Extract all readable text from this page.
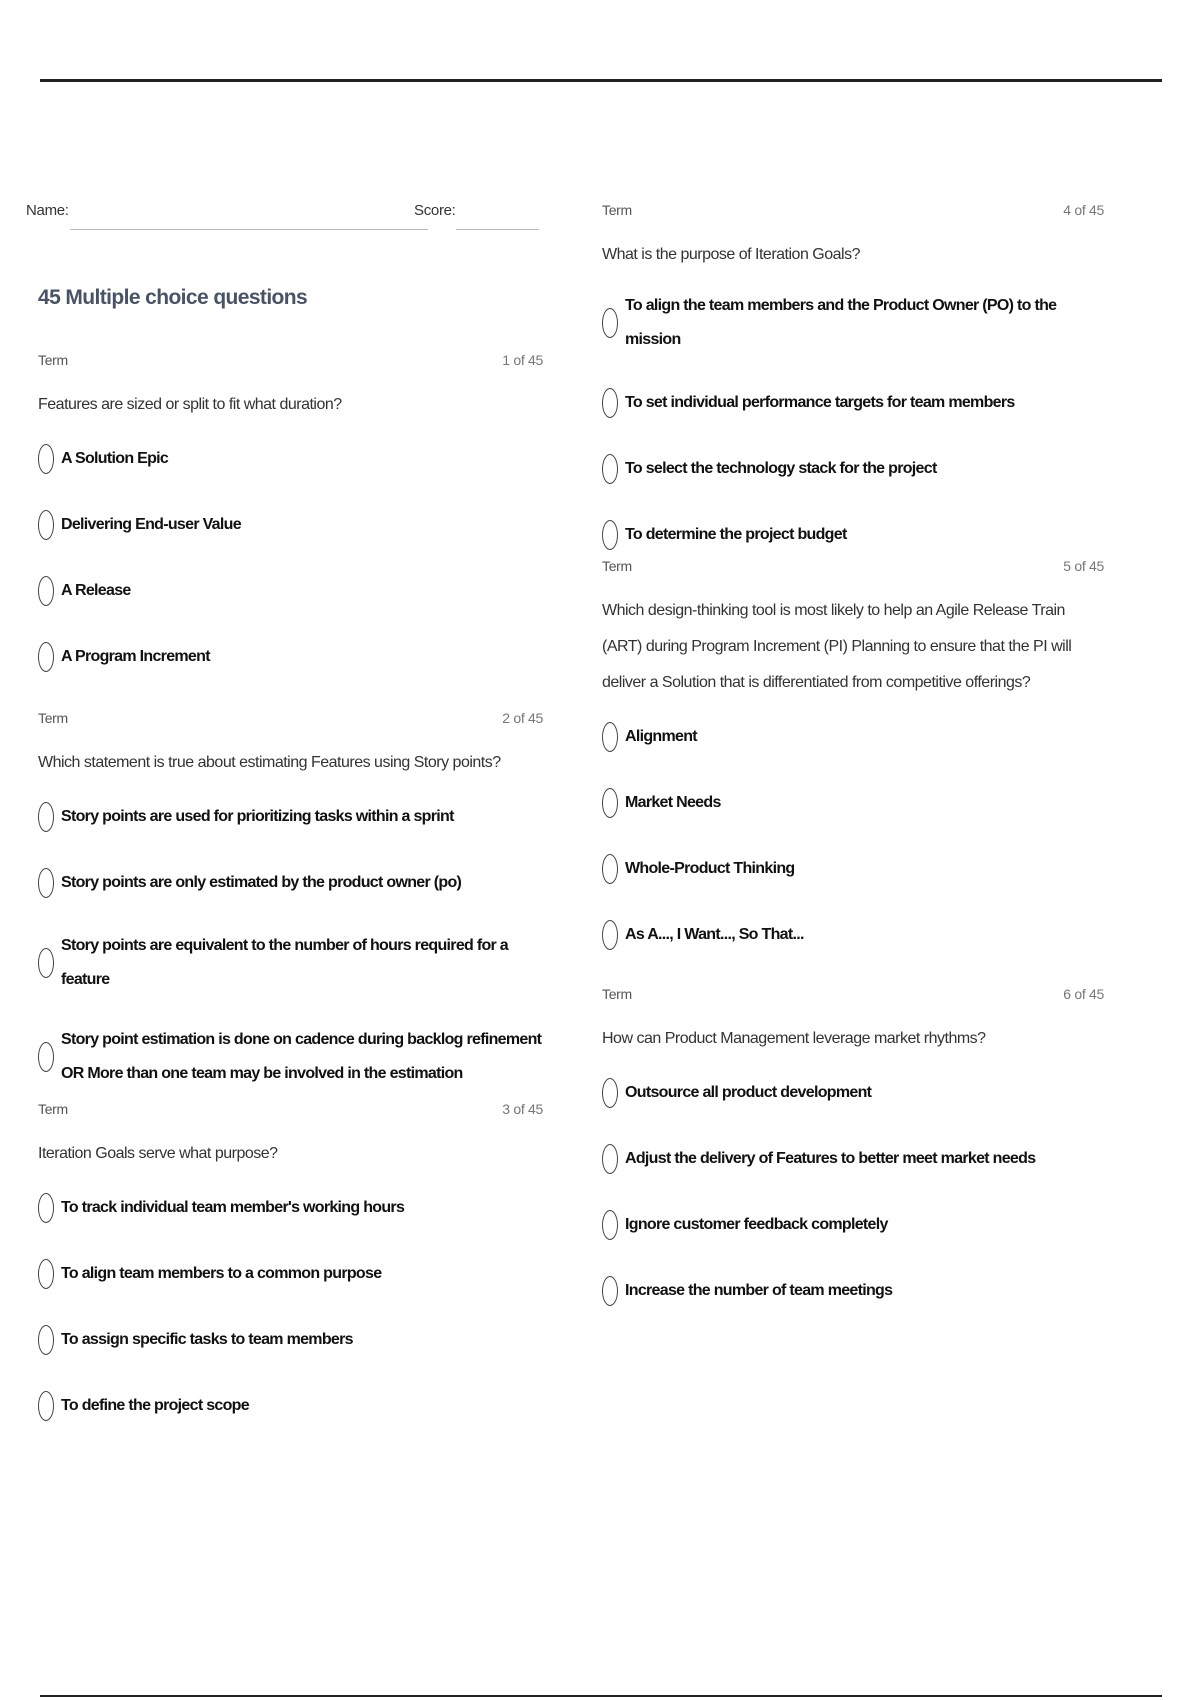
Name:	Score:
45 Multiple choice questions
Term	1 of 45
Features are sized or split to fit what duration?
A Solution Epic
Delivering End-user Value
A Release
A Program Increment
Term	2 of 45
Which statement is true about estimating Features using Story points?
Story points are used for prioritizing tasks within a sprint
Story points are only estimated by the product owner (po)
Story points are equivalent to the number of hours required for a feature
Story point estimation is done on cadence during backlog refinement OR More than one team may be involved in the estimation
Term	3 of 45
Iteration Goals serve what purpose?
To track individual team member's working hours
To align team members to a common purpose
To assign specific tasks to team members
To define the project scope
Term	4 of 45
What is the purpose of Iteration Goals?
To align the team members and the Product Owner (PO) to the mission
To set individual performance targets for team members
To select the technology stack for the project
To determine the project budget
Term	5 of 45
Which design-thinking tool is most likely to help an Agile Release Train (ART) during Program Increment (PI) Planning to ensure that the PI will deliver a Solution that is differentiated from competitive offerings?
Alignment
Market Needs
Whole-Product Thinking
As A..., I Want..., So That...
Term	6 of 45
How can Product Management leverage market rhythms?
Outsource all product development
Adjust the delivery of Features to better meet market needs
Ignore customer feedback completely
Increase the number of team meetings
